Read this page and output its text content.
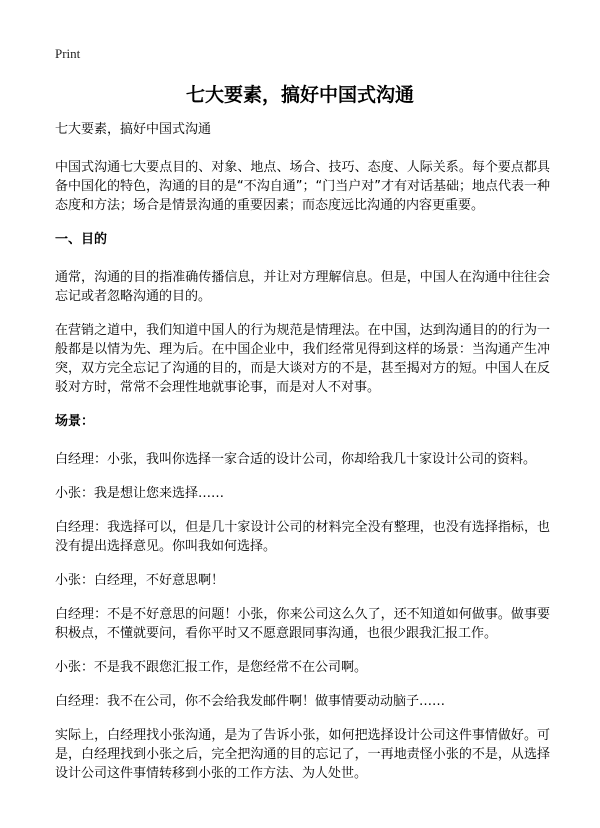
Print
七大要素，搞好中国式沟通

七大要素，搞好中国式沟通

中国式沟通七大要点目的、对象、地点、场合、技巧、态度、人际关系。每个要点都具备中国化的特色，沟通的目的是“不沟自通”；“门当户对”才有对话基础；地点代表一种态度和方法；场合是情景沟通的重要因素；而态度远比沟通的内容更重要。

一、目的

通常，沟通的目的指准确传播信息，并让对方理解信息。但是，中国人在沟通中往往会忘记或者忽略沟通的目的。

在营销之道中，我们知道中国人的行为规范是情理法。在中国，达到沟通目的的行为一般都是以情为先、理为后。在中国企业中，我们经常见得到这样的场景：当沟通产生冲突，双方完全忘记了沟通的目的，而是大谈对方的不是，甚至揭对方的短。中国人在反驳对方时，常常不会理性地就事论事，而是对人不对事。

场景：

白经理：小张，我叫你选择一家合适的设计公司，你却给我几十家设计公司的资料。

小张：我是想让您来选择……

白经理：我选择可以，但是几十家设计公司的材料完全没有整理，也没有选择指标，也没有提出选择意见。你叫我如何选择。

小张：白经理，不好意思啊！

白经理：不是不好意思的问题！小张，你来公司这么久了，还不知道如何做事。做事要积极点，不懂就要问，看你平时又不愿意跟同事沟通，也很少跟我汇报工作。

小张：不是我不跟您汇报工作，是您经常不在公司啊。

白经理：我不在公司，你不会给我发邮件啊！做事情要动动脑子……

实际上，白经理找小张沟通，是为了告诉小张，如何把选择设计公司这件事情做好。可是，白经理找到小张之后，完全把沟通的目的忘记了，一再地责怪小张的不是，从选择设计公司这件事情转移到小张的工作方法、为人处世。
